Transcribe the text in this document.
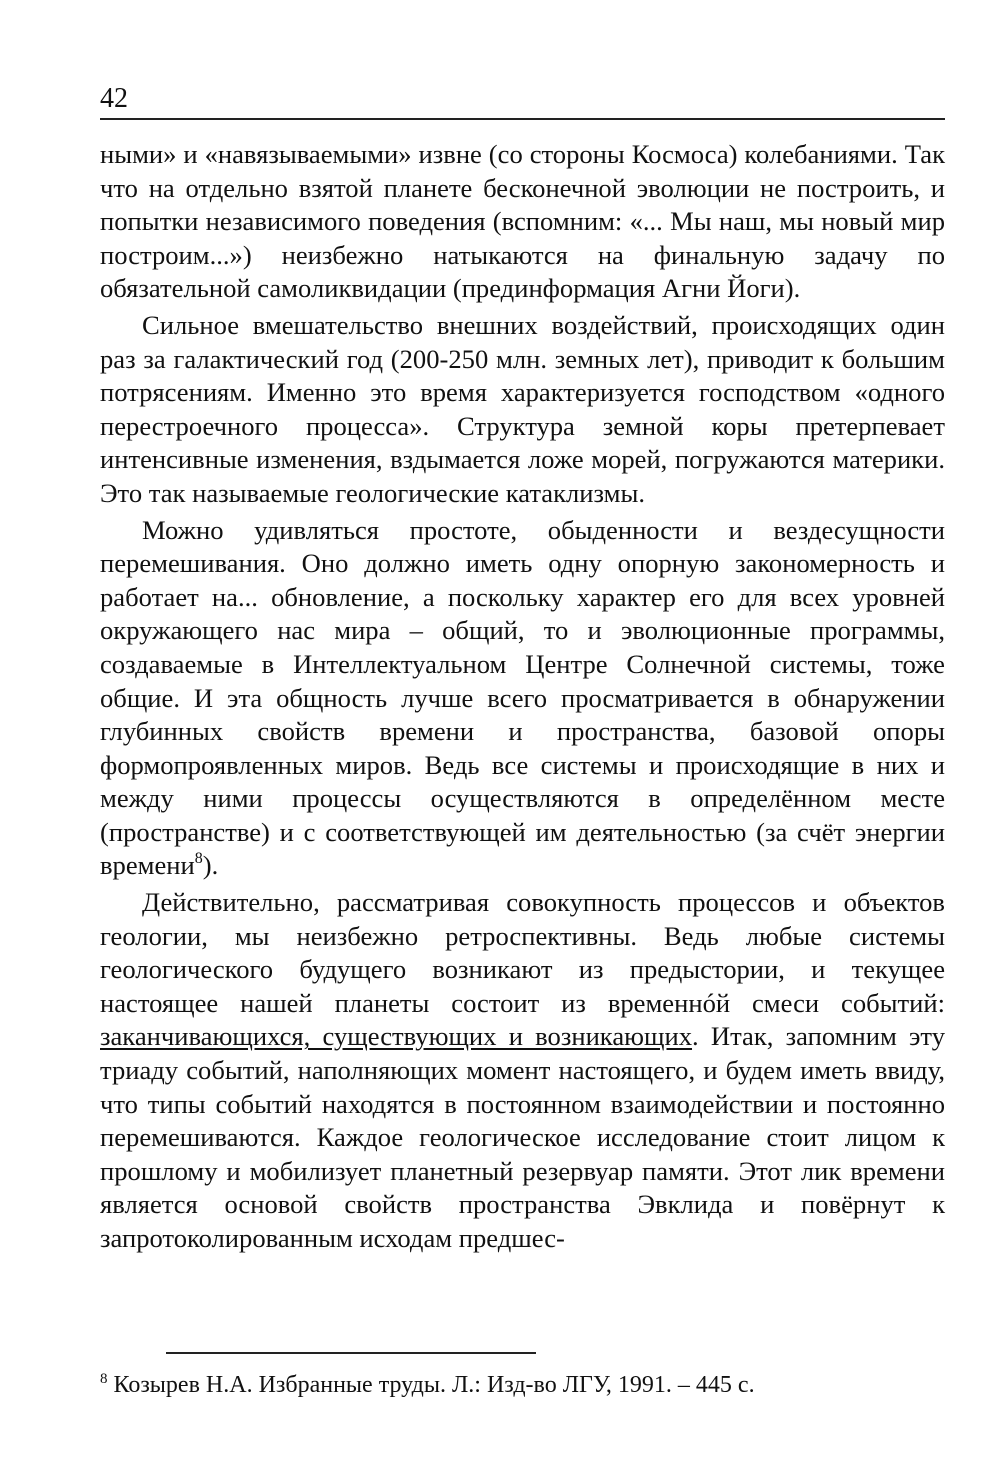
42

ными» и «навязываемыми» извне (со стороны Космоса) колебаниями. Так что на отдельно взятой планете бесконечной эволюции не построить, и попытки независимого поведения (вспомним: «... Мы наш, мы новый мир построим...») неизбежно натыкаются на финальную задачу по обязательной самоликвидации (прединформация Агни Йоги).

Сильное вмешательство внешних воздействий, происходящих один раз за галактический год (200-250 млн. земных лет), приводит к большим потрясениям. Именно это время характеризуется господством «одного перестроечного процесса». Структура земной коры претерпевает интенсивные изменения, вздымается ложе морей, погружаются материки. Это так называемые геологические катаклизмы.

Можно удивляться простоте, обыденности и вездесущности перемешивания. Оно должно иметь одну опорную закономерность и работает на... обновление, а поскольку характер его для всех уровней окружающего нас мира – общий, то и эволюционные программы, создаваемые в Интеллектуальном Центре Солнечной системы, тоже общие. И эта общность лучше всего просматривается в обнаружении глубинных свойств времени и пространства, базовой опоры формопроявленных миров. Ведь все системы и происходящие в них и между ними процессы осуществляются в определённом месте (пространстве) и с соответствующей им деятельностью (за счёт энергии времени$^8$).

Действительно, рассматривая совокупность процессов и объектов геологии, мы неизбежно ретроспективны. Ведь любые системы геологического будущего возникают из предыстории, и текущее настоящее нашей планеты состоит из временнóй смеси событий: заканчивающихся, существующих и возникающих. Итак, запомним эту триаду событий, наполняющих момент настоящего, и будем иметь ввиду, что типы событий находятся в постоянном взаимодействии и постоянно перемешиваются. Каждое геологическое исследование стоит лицом к прошлому и мобилизует планетный резервуар памяти. Этот лик времени является основой свойств пространства Эвклида и повёрнут к запротоколированным исходам предшес-

$^8$ Козырев Н.А. Избранные труды. Л.: Изд-во ЛГУ, 1991. – 445 с.
